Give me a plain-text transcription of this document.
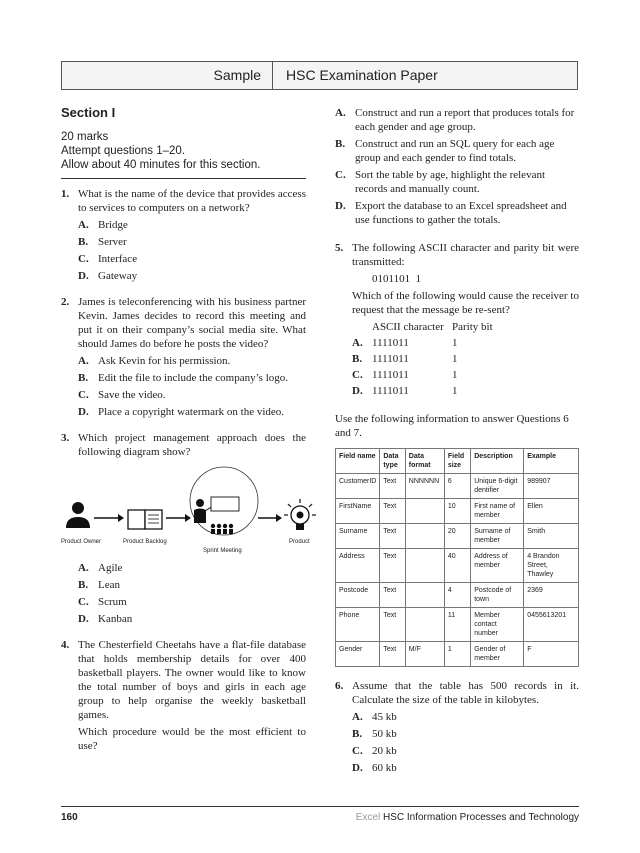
Sample	HSC Examination Paper
Section I
20 marks
Attempt questions 1–20.
Allow about 40 minutes for this section.
1. What is the name of the device that provides access to services to computers on a network?
A. Bridge
B. Server
C. Interface
D. Gateway
2. James is teleconferencing with his business partner Kevin. James decides to record this meeting and put it on their company’s social media site. What should James do before he posts the video?
A. Ask Kevin for his permission.
B. Edit the file to include the company’s logo.
C. Save the video.
D. Place a copyright watermark on the video.
3. Which project management approach does the following diagram show?
Product Owner	Product Backlog
Sprint Meeting
Product
A. Agile
B. Lean
C. Scrum
D. Kanban
4. The Chesterfield Cheetahs have a flat-file database that holds membership details for over 400 basketball players. The owner would like to know the total number of boys and girls in each age group to help organise the weekly basketball games.
Which procedure would be the most efficient to use?
A. Construct and run a report that produces totals for each gender and age group.
B. Construct and run an SQL query for each age group and each gender to find totals.
C. Sort the table by age, highlight the relevant records and manually count.
D. Export the database to an Excel spreadsheet and use functions to gather the totals.
5. The following ASCII character and parity bit were transmitted:
0101101  1
Which of the following would cause the receiver to request that the message be re-sent?
ASCII character Parity bit
A. 1111011	1
B. 1111011	1
C. 1111011	1
D. 1111011	1
Use the following information to answer Questions 6 and 7.
Field name	Data type	Data format	Field size	Description	Example
CustomerID	Text	NNNNNN	6	Unique 6-digit dentifier	989907
FirstName	Text		10	First name of member	Ellen
Surname	Text		20	Surname of member	Smith
Address	Text		40	Address of member	4 Brandon Street, Thawley
Postcode	Text		4	Postcode of town	2369
Phone	Text		11	Member contact number	0455613201
Gender	Text	M/F	1	Gender of member	F
6. Assume that the table has 500 records in it. Calculate the size of the table in kilobytes.
A. 45 kb
B. 50 kb
C. 20 kb
D. 60 kb
160	Excel HSC Information Processes and Technology
